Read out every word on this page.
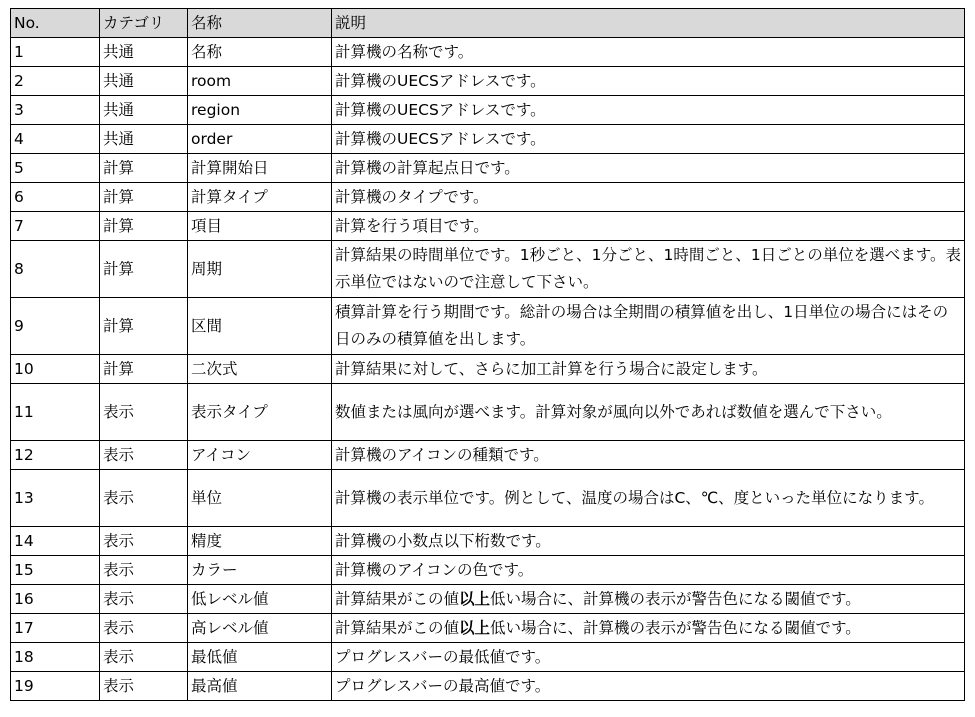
No.	カテゴリ	名称	説明
1	共通	名称	計算機の名称です。
2	共通	room	計算機のUECSアドレスです。
3	共通	region	計算機のUECSアドレスです。
4	共通	order	計算機のUECSアドレスです。
5	計算	計算開始日	計算機の計算起点日です。
6	計算	計算タイプ	計算機のタイプです。
7	計算	項目	計算を行う項目です。
8	計算	周期	計算結果の時間単位です。1秒ごと、1分ごと、1時間ごと、1日ごとの単位を選べます。表示単位ではないので注意して下さい。
9	計算	区間	積算計算を行う期間です。総計の場合は全期間の積算値を出し、1日単位の場合にはその日のみの積算値を出します。
10	計算	二次式	計算結果に対して、さらに加工計算を行う場合に設定します。
11	表示	表示タイプ	数値または風向が選べます。計算対象が風向以外であれば数値を選んで下さい。
12	表示	アイコン	計算機のアイコンの種類です。
13	表示	単位	計算機の表示単位です。例として、温度の場合はC、℃、度といった単位になります。
14	表示	精度	計算機の小数点以下桁数です。
15	表示	カラー	計算機のアイコンの色です。
16	表示	低レベル値	計算結果がこの値以上低い場合に、計算機の表示が警告色になる閾値です。
17	表示	高レベル値	計算結果がこの値以上低い場合に、計算機の表示が警告色になる閾値です。
18	表示	最低値	プログレスバーの最低値です。
19	表示	最高値	プログレスバーの最高値です。
